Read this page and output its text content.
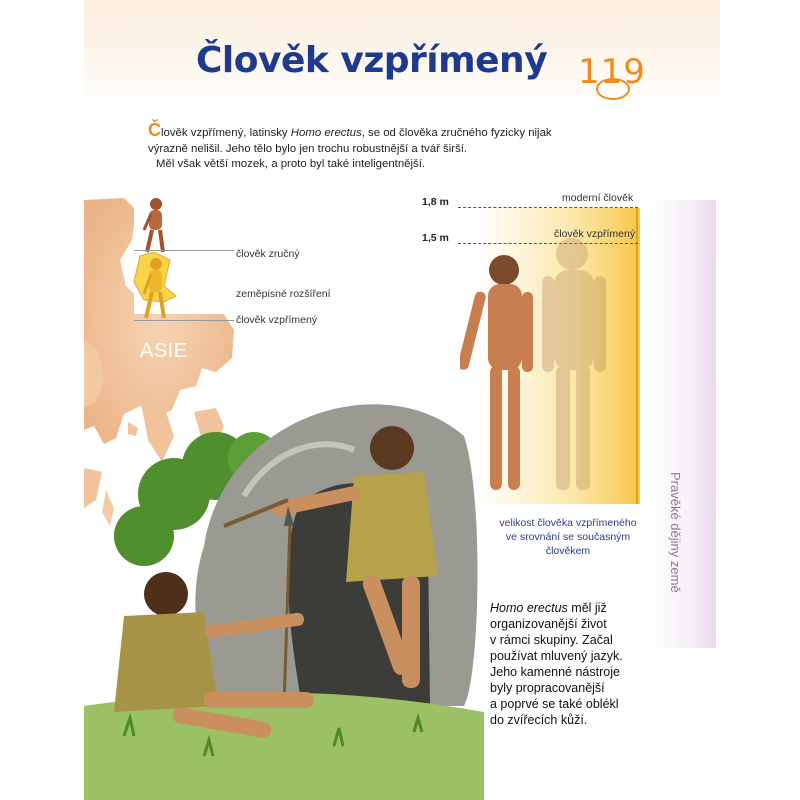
Člověk vzpřímený 119

Člověk vzpřímený, latinsky Homo erectus, se od člověka zručného fyzicky nijak

výrazně nelišil. Jeho tělo bylo jen trochu robustnější a tvář širší.

Měl však větší mozek, a proto byl také inteligentnější.

ASIE
člověk zručný
zeměpisné rozšíření
člověk vzpřímený
1,8 m	moderní člověk
1,5 m	člověk vzpřímený
velikost člověka vzpřímeného
ve srovnání se současným
člověkem	Pravěké dějiny země

Homo erectus měl již

organizovanější život

v rámci skupiny. Začal

používat mluvený jazyk.

Jeho kamenné nástroje

byly propracovanější

a poprvé se také oblékl

do zvířecích kůží.
